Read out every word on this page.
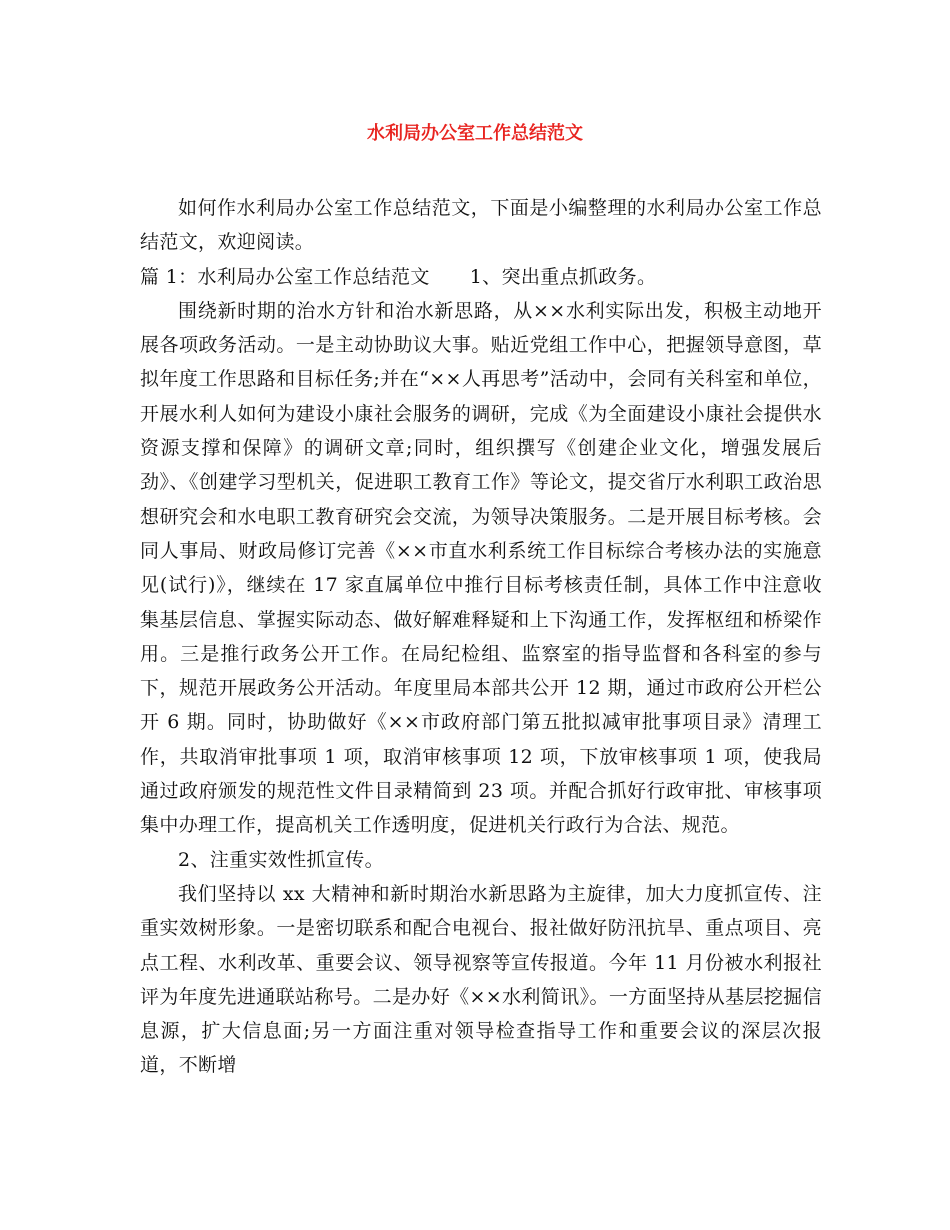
水利局办公室工作总结范文

如何作水利局办公室工作总结范文，下面是小编整理的水利局办公室工作总结范文，欢迎阅读。

篇 1：水利局办公室工作总结范文 1、突出重点抓政务。

围绕新时期的治水方针和治水新思路，从××水利实际出发，积极主动地开展各项政务活动。一是主动协助议大事。贴近党组工作中心，把握领导意图，草拟年度工作思路和目标任务;并在“××人再思考”活动中，会同有关科室和单位，开展水利人如何为建设小康社会服务的调研，完成《为全面建设小康社会提供水资源支撑和保障》的调研文章;同时，组织撰写《创建企业文化，增强发展后劲》、《创建学习型机关，促进职工教育工作》等论文，提交省厅水利职工政治思想研究会和水电职工教育研究会交流，为领导决策服务。二是开展目标考核。会同人事局、财政局修订完善《××市直水利系统工作目标综合考核办法的实施意见(试行)》，继续在 17 家直属单位中推行目标考核责任制，具体工作中注意收集基层信息、掌握实际动态、做好解难释疑和上下沟通工作，发挥枢纽和桥梁作用。三是推行政务公开工作。在局纪检组、监察室的指导监督和各科室的参与下，规范开展政务公开活动。年度里局本部共公开 12 期，通过市政府公开栏公开 6 期。同时，协助做好《××市政府部门第五批拟减审批事项目录》清理工作，共取消审批事项 1 项，取消审核事项 12 项，下放审核事项 1 项，使我局通过政府颁发的规范性文件目录精简到 23 项。并配合抓好行政审批、审核事项集中办理工作，提高机关工作透明度，促进机关行政行为合法、规范。

2、注重实效性抓宣传。

我们坚持以 xx 大精神和新时期治水新思路为主旋律，加大力度抓宣传、注重实效树形象。一是密切联系和配合电视台、报社做好防汛抗旱、重点项目、亮点工程、水利改革、重要会议、领导视察等宣传报道。今年 11 月份被水利报社评为年度先进通联站称号。二是办好《××水利简讯》。一方面坚持从基层挖掘信息源，扩大信息面;另一方面注重对领导检查指导工作和重要会议的深层次报道，不断增
